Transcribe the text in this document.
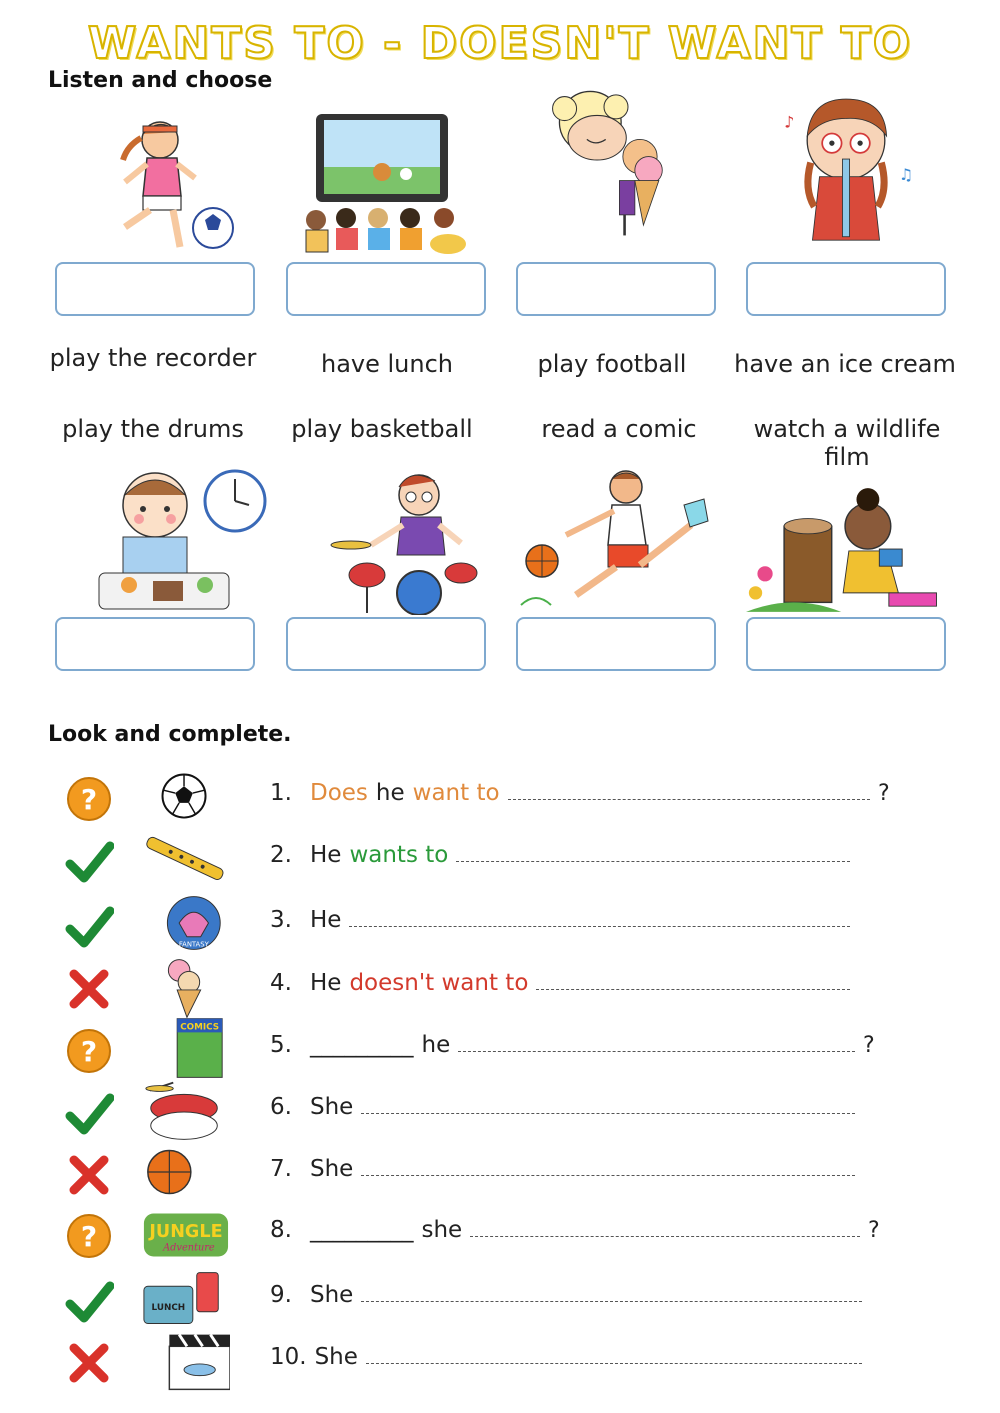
WANTS TO - DOESN'T WANT TO
Listen and choose
♪
♫
play the recorder	have lunch	play football	have an ice cream
play the drums	play basketball	read a comic	watch a wildlife film
Look and complete.
?	1. Does he want to	?
2. He wants to
FANTASY
3. He
4. He doesn't want to
?
COMICS
5. _________ he	?
6. She
7. She
?	JUNGLE
Adventure
8. _________ she	?
LUNCH	9. She
10. She
